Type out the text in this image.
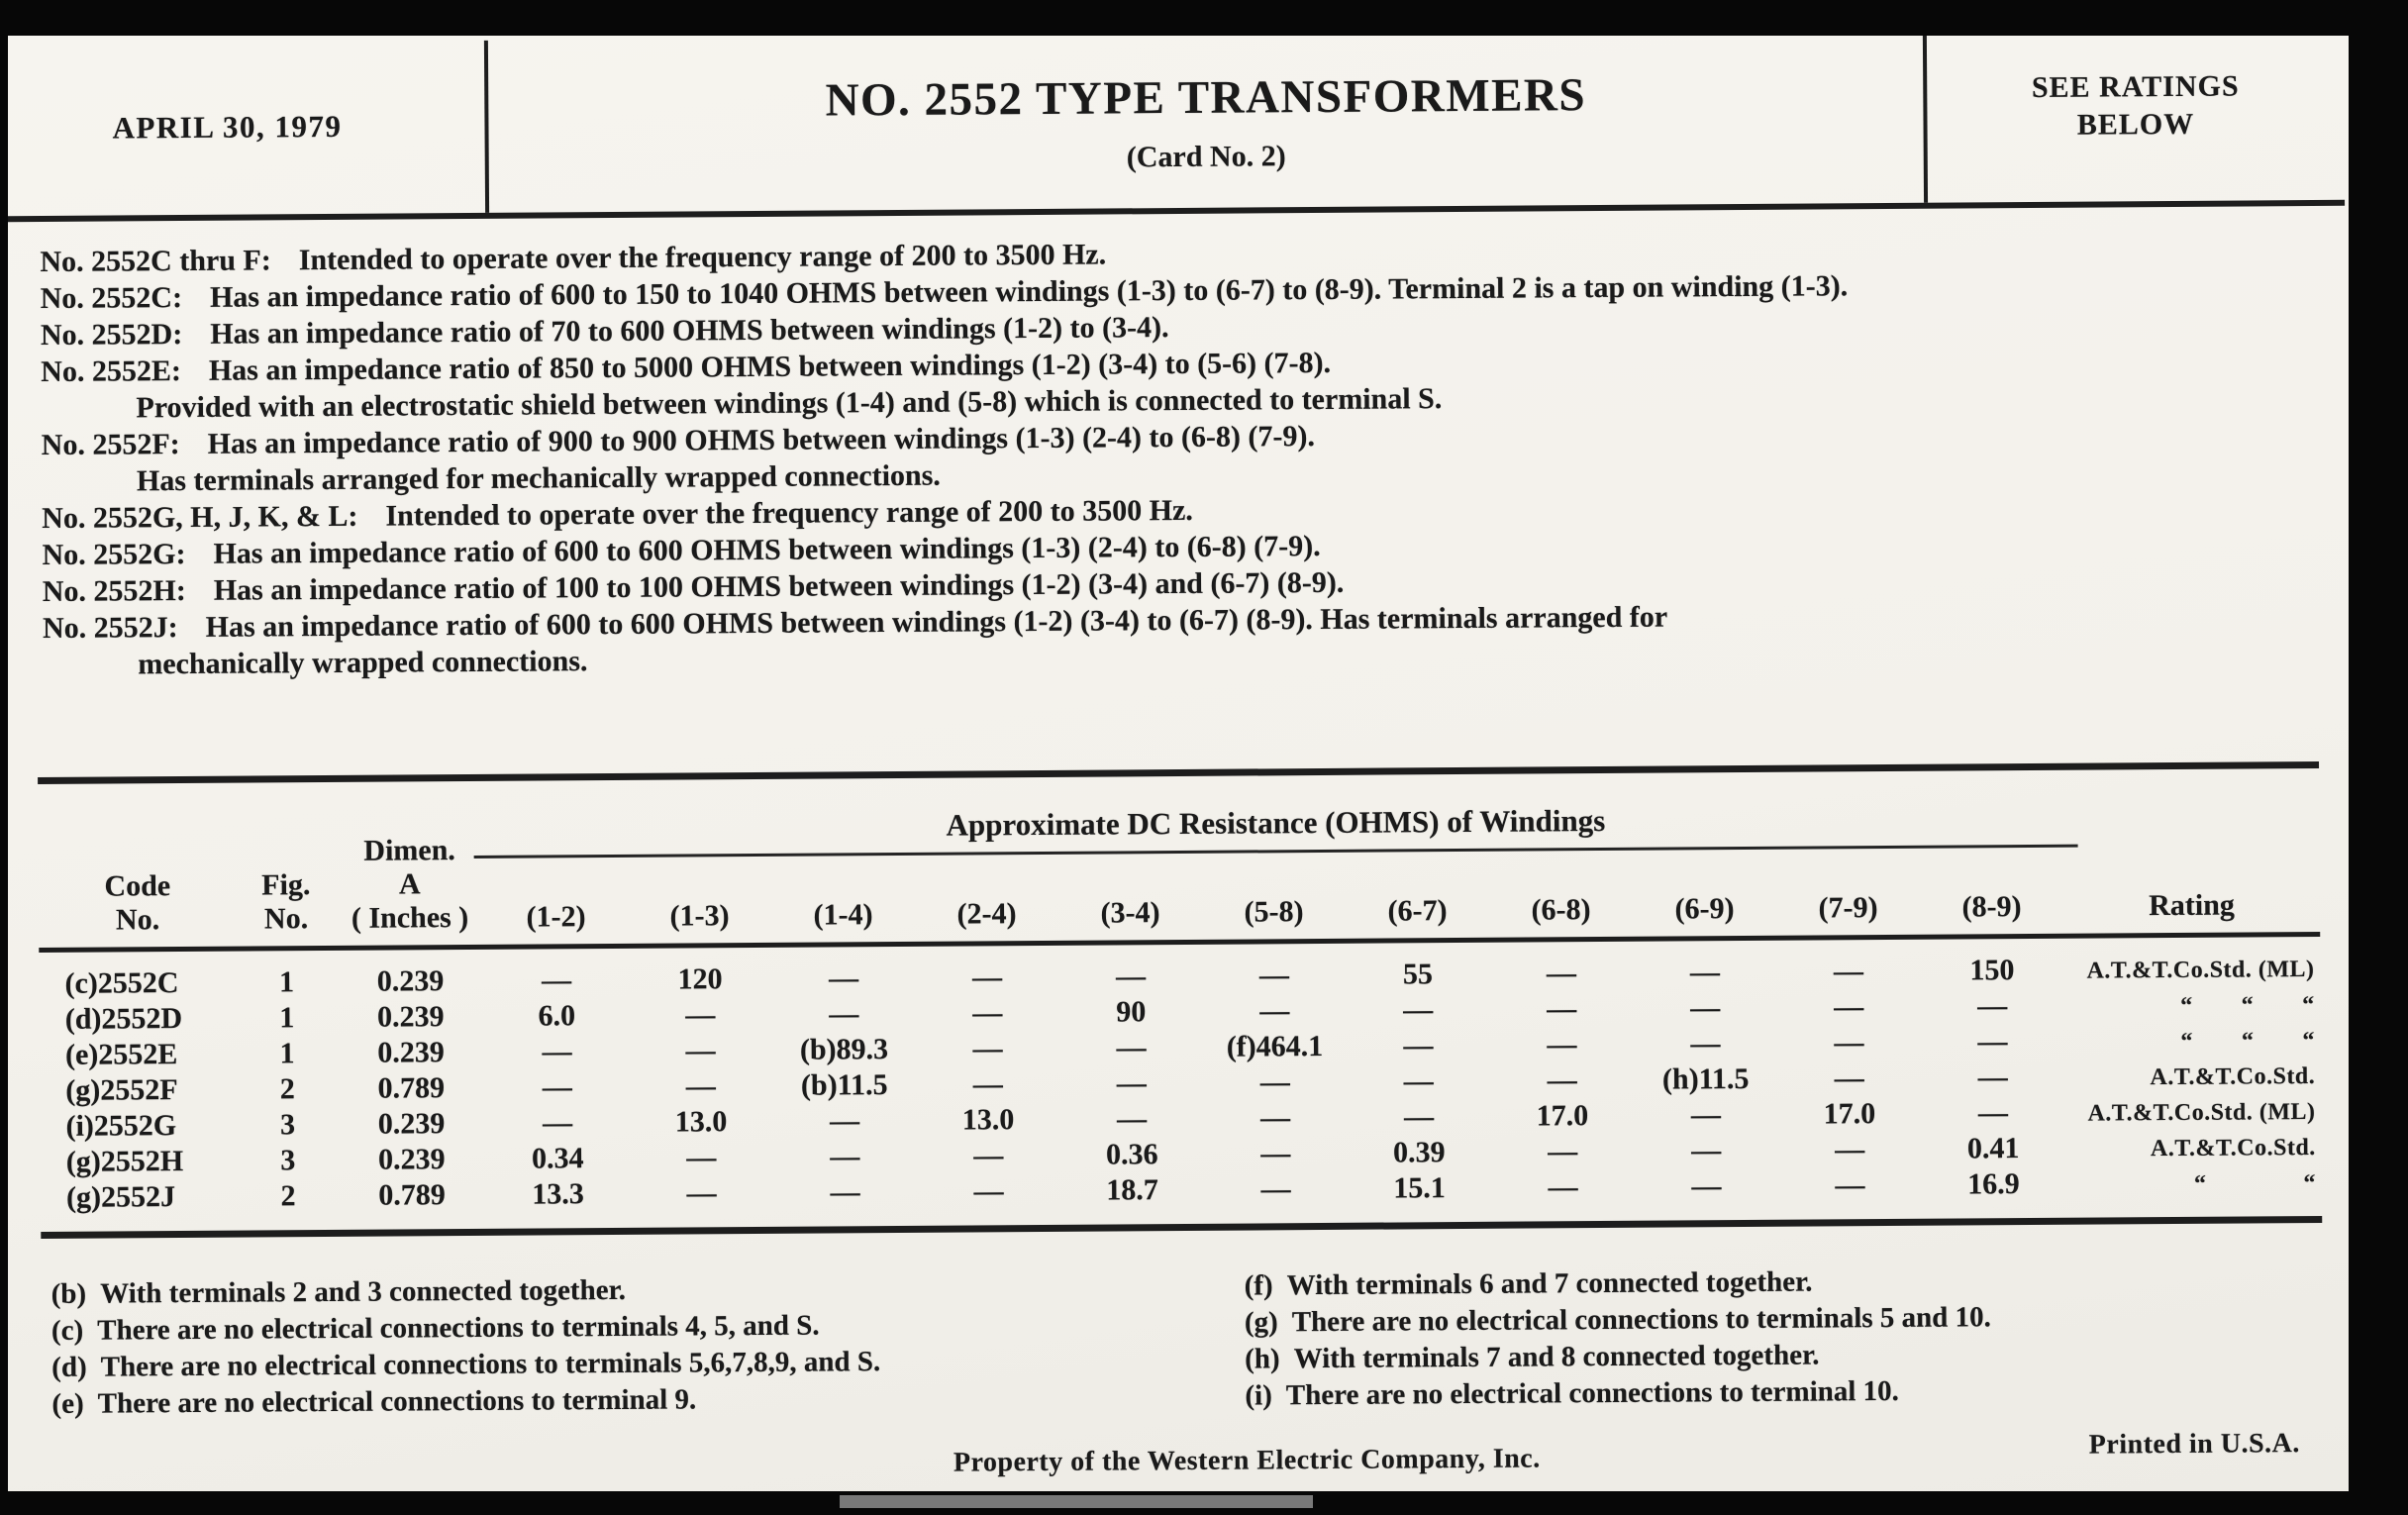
APRIL 30, 1979
NO. 2552 TYPE TRANSFORMERS
(Card No. 2)
SEE RATINGS
BELOW
No. 2552C thru F: Intended to operate over the frequency range of 200 to 3500 Hz.
No. 2552C: Has an impedance ratio of 600 to 150 to 1040 OHMS between windings (1-3) to (6-7) to (8-9). Terminal 2 is a tap on winding (1-3).
No. 2552D: Has an impedance ratio of 70 to 600 OHMS between windings (1-2) to (3-4).
No. 2552E: Has an impedance ratio of 850 to 5000 OHMS between windings (1-2) (3-4) to (5-6) (7-8).
Provided with an electrostatic shield between windings (1-4) and (5-8) which is connected to terminal S.
No. 2552F: Has an impedance ratio of 900 to 900 OHMS between windings (1-3) (2-4) to (6-8) (7-9).
Has terminals arranged for mechanically wrapped connections.
No. 2552G, H, J, K, & L: Intended to operate over the frequency range of 200 to 3500 Hz.
No. 2552G: Has an impedance ratio of 600 to 600 OHMS between windings (1-3) (2-4) to (6-8) (7-9).
No. 2552H: Has an impedance ratio of 100 to 100 OHMS between windings (1-2) (3-4) and (6-7) (8-9).
No. 2552J: Has an impedance ratio of 600 to 600 OHMS between windings (1-2) (3-4) to (6-7) (8-9). Has terminals arranged for
mechanically wrapped connections.
Approximate DC Resistance (OHMS) of Windings
Code
No.
Fig.
No.
Dimen.
A
( Inches )	(1-2)	(1-3)	(1-4)	(2-4)	(3-4)	(5-8)	(6-7)	(6-8)	(6-9)	(7-9)	(8-9)	Rating
(c)2552C	1	0.239	—	120	—	—	—	—	55	—	—	—	150	A.T.&T.Co.Std. (ML)
(d)2552D	1	0.239	6.0	—	—	—	90	—	—	—	—	—	—	“  “  “
(e)2552E	1	0.239	—	—	(b)89.3	—	—	(f)464.1	—	—	—	—	—	“  “  “
(g)2552F	2	0.789	—	—	(b)11.5	—	—	—	—	—	(h)11.5	—	—	A.T.&T.Co.Std.
(i)2552G	3	0.239	—	13.0	—	13.0	—	—	—	17.0	—	17.0	—	A.T.&T.Co.Std. (ML)
(g)2552H	3	0.239	0.34	—	—	—	0.36	—	0.39	—	—	—	0.41	A.T.&T.Co.Std.
(g)2552J	2	0.789	13.3	—	—	—	18.7	—	15.1	—	—	—	16.9	“    “
(b) With terminals 2 and 3 connected together.
(c) There are no electrical connections to terminals 4, 5, and S.
(d) There are no electrical connections to terminals 5,6,7,8,9, and S.
(e) There are no electrical connections to terminal 9.
(f) With terminals 6 and 7 connected together.
(g) There are no electrical connections to terminals 5 and 10.
(h) With terminals 7 and 8 connected together.
(i) There are no electrical connections to terminal 10.
Property of the Western Electric Company, Inc.	Printed in U.S.A.
